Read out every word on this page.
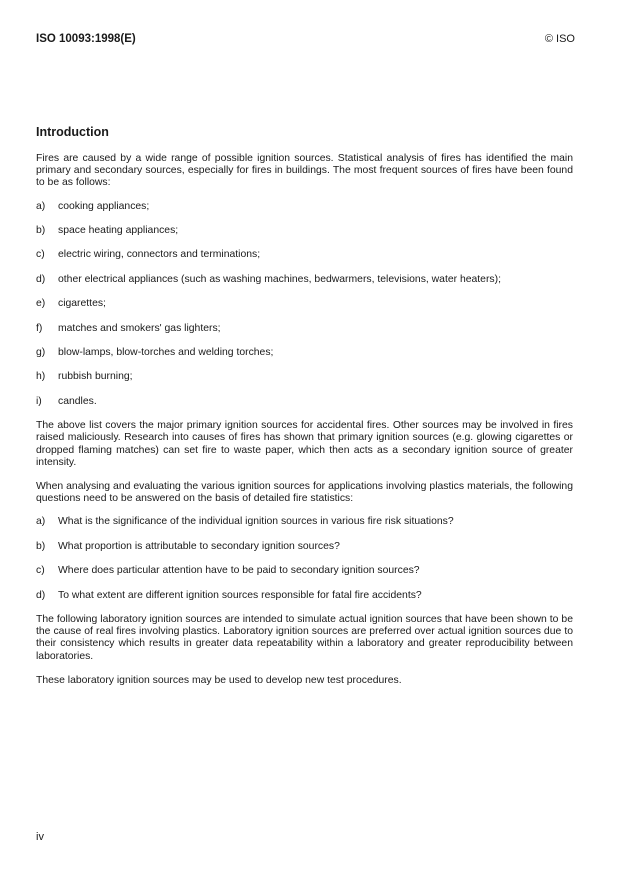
ISO 10093:1998(E)	© ISO
Introduction

Fires are caused by a wide range of possible ignition sources. Statistical analysis of fires has identified the main primary and secondary sources, especially for fires in buildings. The most frequent sources of fires have been found to be as follows:

a)	cooking appliances;
b)	space heating appliances;
c)	electric wiring, connectors and terminations;
d)	other electrical appliances (such as washing machines, bedwarmers, televisions, water heaters);
e)	cigarettes;
f)	matches and smokers' gas lighters;
g)	blow-lamps, blow-torches and welding torches;
h)	rubbish burning;
i)	candles.

The above list covers the major primary ignition sources for accidental fires. Other sources may be involved in fires raised maliciously. Research into causes of fires has shown that primary ignition sources (e.g. glowing cigarettes or dropped flaming matches) can set fire to waste paper, which then acts as a secondary ignition source of greater intensity.

When analysing and evaluating the various ignition sources for applications involving plastics materials, the following questions need to be answered on the basis of detailed fire statistics:

a)	What is the significance of the individual ignition sources in various fire risk situations?
b)	What proportion is attributable to secondary ignition sources?
c)	Where does particular attention have to be paid to secondary ignition sources?
d)	To what extent are different ignition sources responsible for fatal fire accidents?

The following laboratory ignition sources are intended to simulate actual ignition sources that have been shown to be the cause of real fires involving plastics. Laboratory ignition sources are preferred over actual ignition sources due to their consistency which results in greater data repeatability within a laboratory and greater reproducibility between laboratories.

These laboratory ignition sources may be used to develop new test procedures.

iv
